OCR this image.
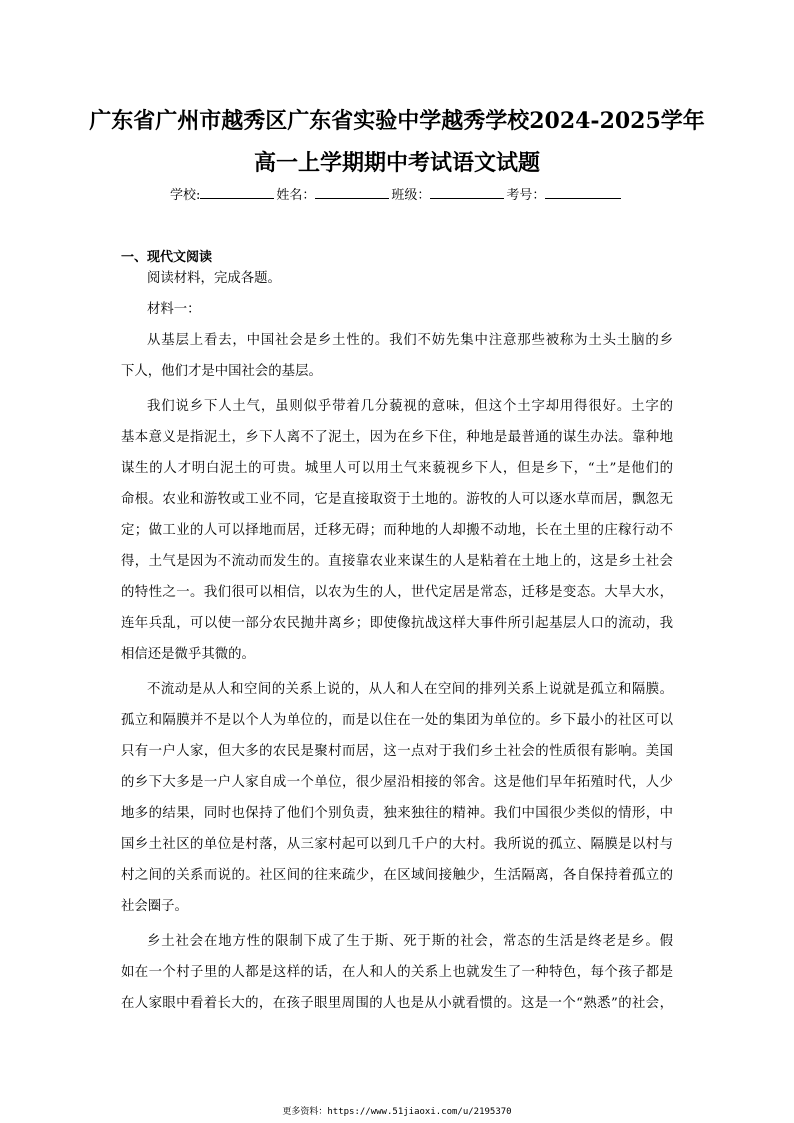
广东省广州市越秀区广东省实验中学越秀学校2024-2025学年
高一上学期期中考试语文试题
学校:	姓名：	班级：	考号：
一、现代文阅读
阅读材料，完成各题。
材料一：
从基层上看去，中国社会是乡土性的。我们不妨先集中注意那些被称为土头土脑的乡
下人，他们才是中国社会的基层。
我们说乡下人土气，虽则似乎带着几分藐视的意味，但这个土字却用得很好。土字的
基本意义是指泥土，乡下人离不了泥土，因为在乡下住，种地是最普通的谋生办法。靠种地
谋生的人才明白泥土的可贵。城里人可以用土气来藐视乡下人，但是乡下，“土”是他们的
命根。农业和游牧或工业不同，它是直接取资于土地的。游牧的人可以逐水草而居，飘忽无
定；做工业的人可以择地而居，迁移无碍；而种地的人却搬不动地，长在土里的庄稼行动不
得，土气是因为不流动而发生的。直接靠农业来谋生的人是粘着在土地上的，这是乡土社会
的特性之一。我们很可以相信，以农为生的人，世代定居是常态，迁移是变态。大旱大水，
连年兵乱，可以使一部分农民抛井离乡；即使像抗战这样大事件所引起基层人口的流动，我
相信还是微乎其微的。
不流动是从人和空间的关系上说的，从人和人在空间的排列关系上说就是孤立和隔膜。
孤立和隔膜并不是以个人为单位的，而是以住在一处的集团为单位的。乡下最小的社区可以
只有一户人家，但大多的农民是聚村而居，这一点对于我们乡土社会的性质很有影响。美国
的乡下大多是一户人家自成一个单位，很少屋沿相接的邻舍。这是他们早年拓殖时代，人少
地多的结果，同时也保持了他们个别负责，独来独往的精神。我们中国很少类似的情形，中
国乡土社区的单位是村落，从三家村起可以到几千户的大村。我所说的孤立、隔膜是以村与
村之间的关系而说的。社区间的往来疏少，在区域间接触少，生活隔离，各自保持着孤立的
社会圈子。
乡土社会在地方性的限制下成了生于斯、死于斯的社会，常态的生活是终老是乡。假
如在一个村子里的人都是这样的话，在人和人的关系上也就发生了一种特色，每个孩子都是
在人家眼中看着长大的，在孩子眼里周围的人也是从小就看惯的。这是一个“熟悉”的社会，
更多资料：https://www.51jiaoxi.com/u/2195370
